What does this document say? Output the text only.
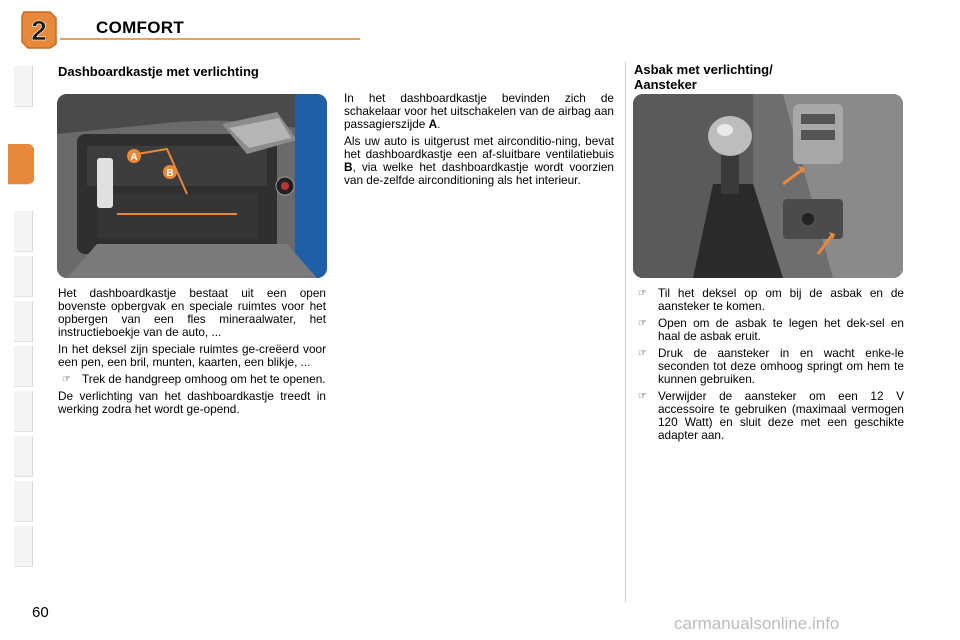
2	COMFORT
Dashboardkastje met verlichting
A
B

Het dashboardkastje bestaat uit een open bovenste opbergvak en speciale ruimtes voor het opbergen van een fles mineraalwater, het instructieboekje van de auto, ...

In het deksel zijn speciale ruimtes ge-creëerd voor een pen, een bril, munten, kaarten, een blikje, ...

☞ Trek de handgreep omhoog om het te openen.

De verlichting van het dashboardkastje treedt in werking zodra het wordt ge-opend.

In het dashboardkastje bevinden zich de schakelaar voor het uitschakelen van de airbag aan passagierszijde A.

Als uw auto is uitgerust met airconditio-ning, bevat het dashboardkastje een af-sluitbare ventilatiebuis B, via welke het dashboardkastje wordt voorzien van de-zelfde airconditioning als het interieur.

Asbak met verlichting/
Aansteker

☞ Til het deksel op om bij de asbak en de aansteker te komen.

☞ Open om de asbak te legen het dek-sel en haal de asbak eruit.

☞ Druk de aansteker in en wacht enke-le seconden tot deze omhoog springt om hem te kunnen gebruiken.

☞ Verwijder de aansteker om een 12 V accessoire te gebruiken (maximaal vermogen 120 Watt) en sluit deze met een geschikte adapter aan.

60
carmanualsonline.info
